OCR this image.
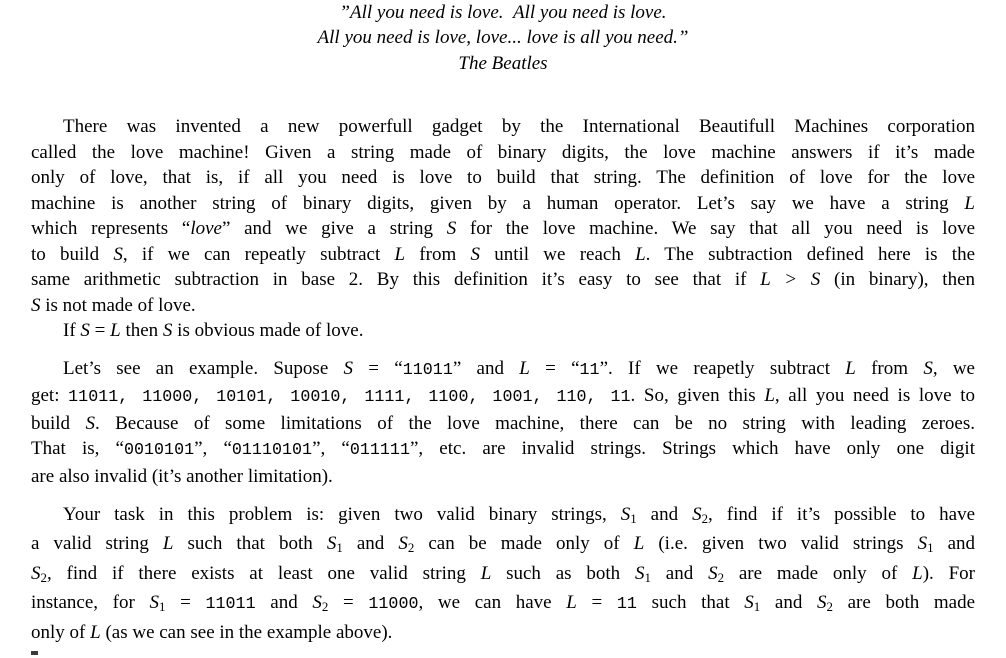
”All you need is love. All you need is love.
All you need is love, love... love is all you need.”
The Beatles
There was invented a new powerfull gadget by the International Beautifull Machines corporation
called the love machine! Given a string made of binary digits, the love machine answers if it’s made
only of love, that is, if all you need is love to build that string. The definition of love for the love
machine is another string of binary digits, given by a human operator. Let’s say we have a string L
which represents “love” and we give a string S for the love machine. We say that all you need is love
to build S, if we can repeatly subtract L from S until we reach L. The subtraction defined here is the
same arithmetic subtraction in base 2. By this definition it’s easy to see that if L > S (in binary), then
S is not made of love.
If S = L then S is obvious made of love.
Let’s see an example. Supose S = “11011” and L = “11”. If we reapetly subtract L from S, we
get: 11011, 11000, 10101, 10010, 1111, 1100, 1001, 110, 11. So, given this L, all you need is love to
build S. Because of some limitations of the love machine, there can be no string with leading zeroes.
That is, “0010101”, “01110101”, “011111”, etc. are invalid strings. Strings which have only one digit
are also invalid (it’s another limitation).
Your task in this problem is: given two valid binary strings, $S_1$ and $S_2$, find if it’s possible to have
a valid string L such that both $S_1$ and $S_2$ can be made only of L (i.e. given two valid strings $S_1$ and
$S_2$, find if there exists at least one valid string L such as both $S_1$ and $S_2$ are made only of L). For
instance, for $S_1 = 11011$ and $S_2 = 11000$, we can have L = 11 such that $S_1$ and $S_2$ are both made
only of L (as we can see in the example above).
